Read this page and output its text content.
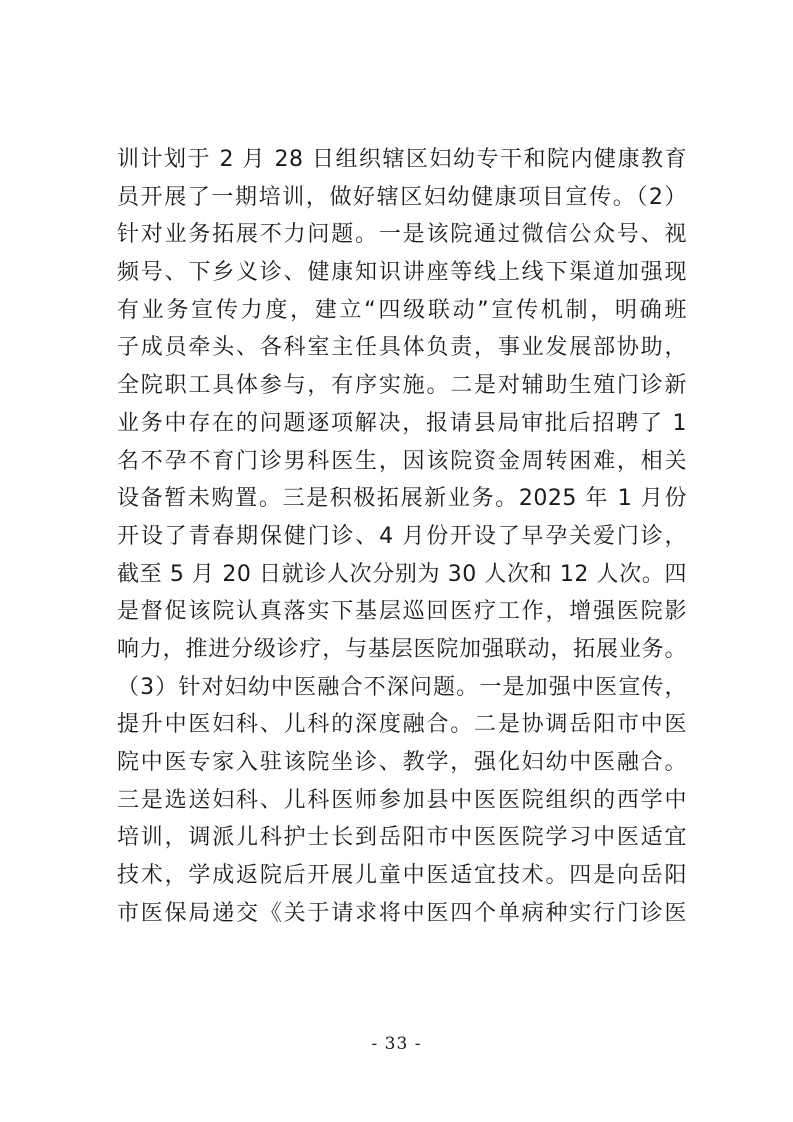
训计划于 2 月 28 日组织辖区妇幼专干和院内健康教育
员开展了一期培训，做好辖区妇幼健康项目宣传。（2）
针对业务拓展不力问题。一是该院通过微信公众号、视
频号、下乡义诊、健康知识讲座等线上线下渠道加强现
有业务宣传力度，建立“四级联动”宣传机制，明确班
子成员牵头、各科室主任具体负责，事业发展部协助，
全院职工具体参与，有序实施。二是对辅助生殖门诊新
业务中存在的问题逐项解决，报请县局审批后招聘了 1
名不孕不育门诊男科医生，因该院资金周转困难，相关
设备暂未购置。三是积极拓展新业务。2025 年 1 月份
开设了青春期保健门诊、4 月份开设了早孕关爱门诊，
截至 5 月 20 日就诊人次分别为 30 人次和 12 人次。四
是督促该院认真落实下基层巡回医疗工作，增强医院影
响力，推进分级诊疗，与基层医院加强联动，拓展业务。
（3）针对妇幼中医融合不深问题。一是加强中医宣传，
提升中医妇科、儿科的深度融合。二是协调岳阳市中医
院中医专家入驻该院坐诊、教学，强化妇幼中医融合。
三是选送妇科、儿科医师参加县中医医院组织的西学中
培训，调派儿科护士长到岳阳市中医医院学习中医适宜
技术，学成返院后开展儿童中医适宜技术。四是向岳阳
市医保局递交《关于请求将中医四个单病种实行门诊医
- 33 -
